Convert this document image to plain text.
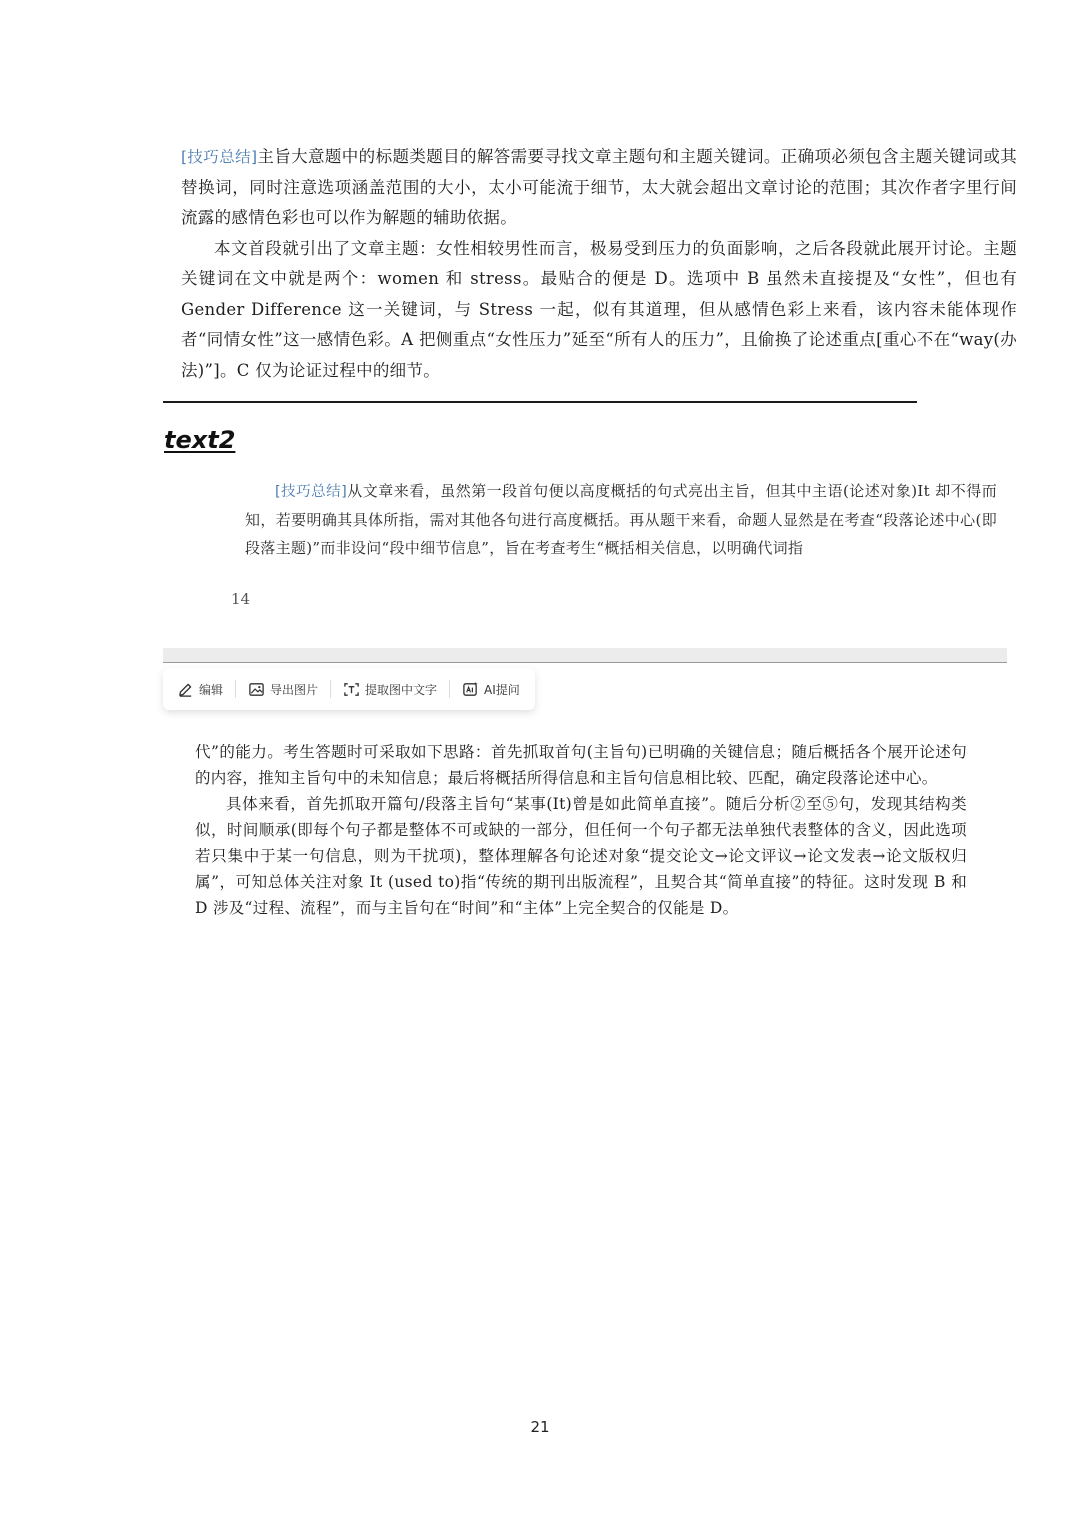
[技巧总结]主旨大意题中的标题类题目的解答需要寻找文章主题句和主题关键词。正确项必须包含主题关键词或其替换词，同时注意选项涵盖范围的大小，太小可能流于细节，太大就会超出文章讨论的范围；其次作者字里行间流露的感情色彩也可以作为解题的辅助依据。

本文首段就引出了文章主题：女性相较男性而言，极易受到压力的负面影响，之后各段就此展开讨论。主题关键词在文中就是两个：women 和 stress。最贴合的便是 D。选项中 B 虽然未直接提及“女性”，但也有 Gender Difference 这一关键词，与 Stress 一起，似有其道理，但从感情色彩上来看，该内容未能体现作者“同情女性”这一感情色彩。A 把侧重点“女性压力”延至“所有人的压力”，且偷换了论述重点[重心不在“way(办法)”]。C 仅为论证过程中的细节。

text2

[技巧总结]从文章来看，虽然第一段首句便以高度概括的句式亮出主旨，但其中主语(论述对象)It 却不得而知，若要明确其具体所指，需对其他各句进行高度概括。再从题干来看，命题人显然是在考查“段落论述中心(即段落主题)”而非设问“段中细节信息”，旨在考查考生“概括相关信息，以明确代词指

14
编辑	导出图片	提取图中文字	AI提问

代”的能力。考生答题时可采取如下思路：首先抓取首句(主旨句)已明确的关键信息；随后概括各个展开论述句的内容，推知主旨句中的未知信息；最后将概括所得信息和主旨句信息相比较、匹配，确定段落论述中心。

具体来看，首先抓取开篇句/段落主旨句“某事(It)曾是如此简单直接”。随后分析②至⑤句，发现其结构类似，时间顺承(即每个句子都是整体不可或缺的一部分，但任何一个句子都无法单独代表整体的含义，因此选项若只集中于某一句信息，则为干扰项)，整体理解各句论述对象“提交论文→论文评议→论文发表→论文版权归属”，可知总体关注对象 It (used to)指“传统的期刊出版流程”，且契合其“简单直接”的特征。这时发现 B 和 D 涉及“过程、流程”，而与主旨句在“时间”和“主体”上完全契合的仅能是 D。

21
